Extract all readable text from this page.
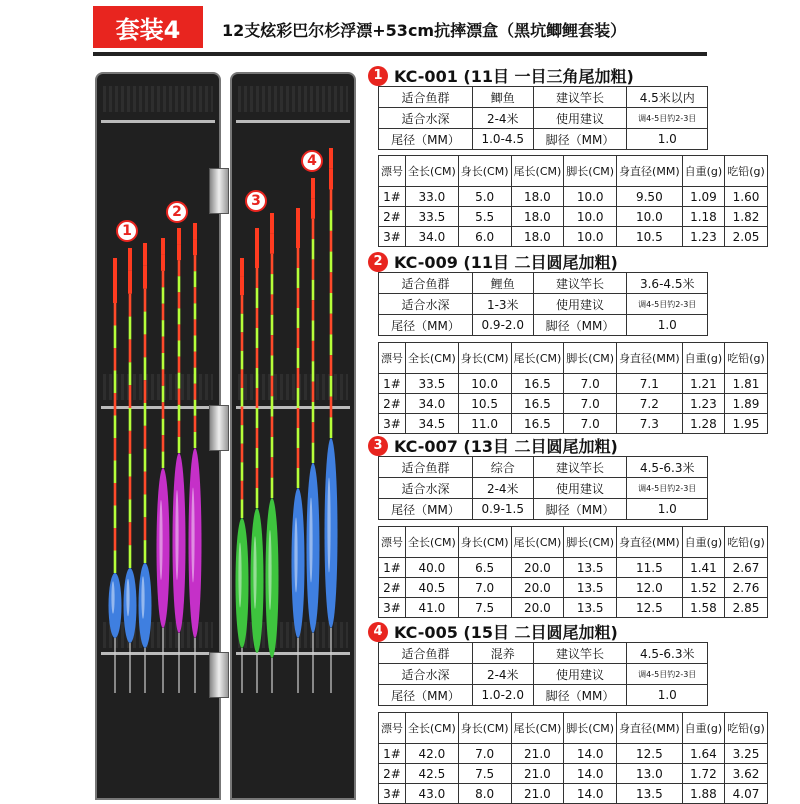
套装4	12支炫彩巴尔杉浮漂+53cm抗摔漂盒（黑坑鲫鲤套装）
1
2
3
4
1 KC-001 (11目 一目三角尾加粗)
适合鱼群	鲫鱼	建议竿长	4.5米以内
适合水深	2-4米	使用建议	调4-5目钓2-3目
尾径（MM）	1.0-4.5	脚径（MM）	1.0
漂号	全长(CM)	身长(CM)	尾长(CM)	脚长(CM)	身直径(MM)	自重(g)	吃铅(g)
1#	33.0	5.0	18.0	10.0	9.50	1.09	1.60
2#	33.5	5.5	18.0	10.0	10.0	1.18	1.82
3#	34.0	6.0	18.0	10.0	10.5	1.23	2.05
2 KC-009 (11目 二目圆尾加粗)
适合鱼群	鲤鱼	建议竿长	3.6-4.5米
适合水深	1-3米	使用建议	调4-5目钓2-3目
尾径（MM）	0.9-2.0	脚径（MM）	1.0
漂号	全长(CM)	身长(CM)	尾长(CM)	脚长(CM)	身直径(MM)	自重(g)	吃铅(g)
1#	33.5	10.0	16.5	7.0	7.1	1.21	1.81
2#	34.0	10.5	16.5	7.0	7.2	1.23	1.89
3#	34.5	11.0	16.5	7.0	7.3	1.28	1.95
3 KC-007 (13目 二目圆尾加粗)
适合鱼群	综合	建议竿长	4.5-6.3米
适合水深	2-4米	使用建议	调4-5目钓2-3目
尾径（MM）	0.9-1.5	脚径（MM）	1.0
漂号	全长(CM)	身长(CM)	尾长(CM)	脚长(CM)	身直径(MM)	自重(g)	吃铅(g)
1#	40.0	6.5	20.0	13.5	11.5	1.41	2.67
2#	40.5	7.0	20.0	13.5	12.0	1.52	2.76
3#	41.0	7.5	20.0	13.5	12.5	1.58	2.85
4 KC-005 (15目 二目圆尾加粗)
适合鱼群	混养	建议竿长	4.5-6.3米
适合水深	2-4米	使用建议	调4-5目钓2-3目
尾径（MM）	1.0-2.0	脚径（MM）	1.0
漂号	全长(CM)	身长(CM)	尾长(CM)	脚长(CM)	身直径(MM)	自重(g)	吃铅(g)
1#	42.0	7.0	21.0	14.0	12.5	1.64	3.25
2#	42.5	7.5	21.0	14.0	13.0	1.72	3.62
3#	43.0	8.0	21.0	14.0	13.5	1.88	4.07
